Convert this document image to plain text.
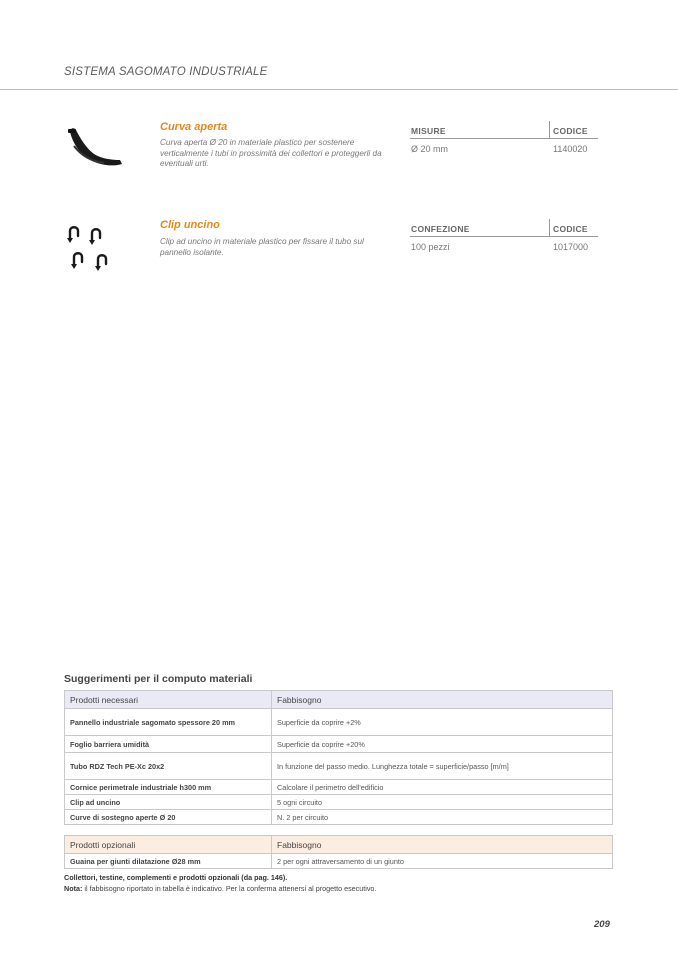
SISTEMA SAGOMATO INDUSTRIALE
Curva aperta
Curva aperta Ø 20 in materiale plastico per sostenere verticalmente i tubi in prossimità dei collettori e proteggerli da eventuali urti.
MISURE	CODICE
Ø 20 mm	1140020
Clip uncino
Clip ad uncino in materiale plastico per fissare il tubo sul pannello isolante.
CONFEZIONE	CODICE
100 pezzi	1017000
Suggerimenti per il computo materiali
Prodotti necessari	Fabbisogno
Pannello industriale sagomato spessore 20 mm	Superficie da coprire +2%
Foglio barriera umidità	Superficie da coprire +20%
Tubo RDZ Tech PE-Xc 20x2	In funzione del passo medio. Lunghezza totale = superficie/passo [m/m]
Cornice perimetrale industriale h300 mm	Calcolare il perimetro dell'edificio
Clip ad uncino	5 ogni circuito
Curve di sostegno aperte Ø 20	N. 2 per circuito
Prodotti opzionali	Fabbisogno
Guaina per giunti dilatazione Ø28 mm	2 per ogni attraversamento di un giunto
Collettori, testine, complementi e prodotti opzionali (da pag. 146).
Nota: il fabbisogno riportato in tabella è indicativo. Per la conferma attenersi al progetto esecutivo.
209
